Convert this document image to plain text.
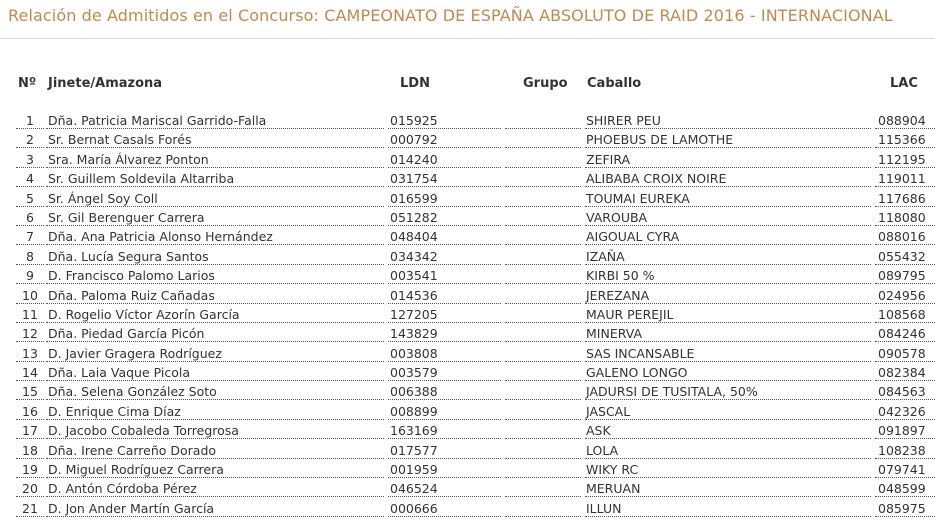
Relación de Admitidos en el Concurso: CAMPEONATO DE ESPAÑA ABSOLUTO DE RAID 2016 - INTERNACIONAL
Nº Jinete/Amazona	LDN	Grupo Caballo	LAC
1	Dña. Patricia Mariscal Garrido-Falla	015925	SHIRER PEU	088904
2	Sr. Bernat Casals Forés	000792	PHOEBUS DE LAMOTHE	115366
3	Sra. María Álvarez Ponton	014240	ZEFIRA	112195
4	Sr. Guillem Soldevila Altarriba	031754	ALIBABA CROIX NOIRE	119011
5	Sr. Ángel Soy Coll	016599	TOUMAI EUREKA	117686
6	Sr. Gil Berenguer Carrera	051282	VAROUBA	118080
7	Dña. Ana Patricia Alonso Hernández	048404	AIGOUAL CYRA	088016
8	Dña. Lucía Segura Santos	034342	IZAÑA	055432
9	D. Francisco Palomo Larios	003541	KIRBI 50 %	089795
10 Dña. Paloma Ruiz Cañadas	014536	JEREZANA	024956
11 D. Rogelio Víctor Azorín García	127205	MAUR PEREJIL	108568
12 Dña. Piedad García Picón	143829	MINERVA	084246
13 D. Javier Gragera Rodríguez	003808	SAS INCANSABLE	090578
14 Dña. Laia Vaque Picola	003579	GALENO LONGO	082384
15 Dña. Selena González Soto	006388	JADURSI DE TUSITALA, 50%	084563
16 D. Enrique Cima Díaz	008899	JASCAL	042326
17 D. Jacobo Cobaleda Torregrosa	163169	ASK	091897
18 Dña. Irene Carreño Dorado	017577	LOLA	108238
19 D. Miguel Rodríguez Carrera	001959	WIKY RC	079741
20 D. Antón Córdoba Pérez	046524	MERUAN	048599
21 D. Jon Ander Martín García	000666	ILLUN	085975
